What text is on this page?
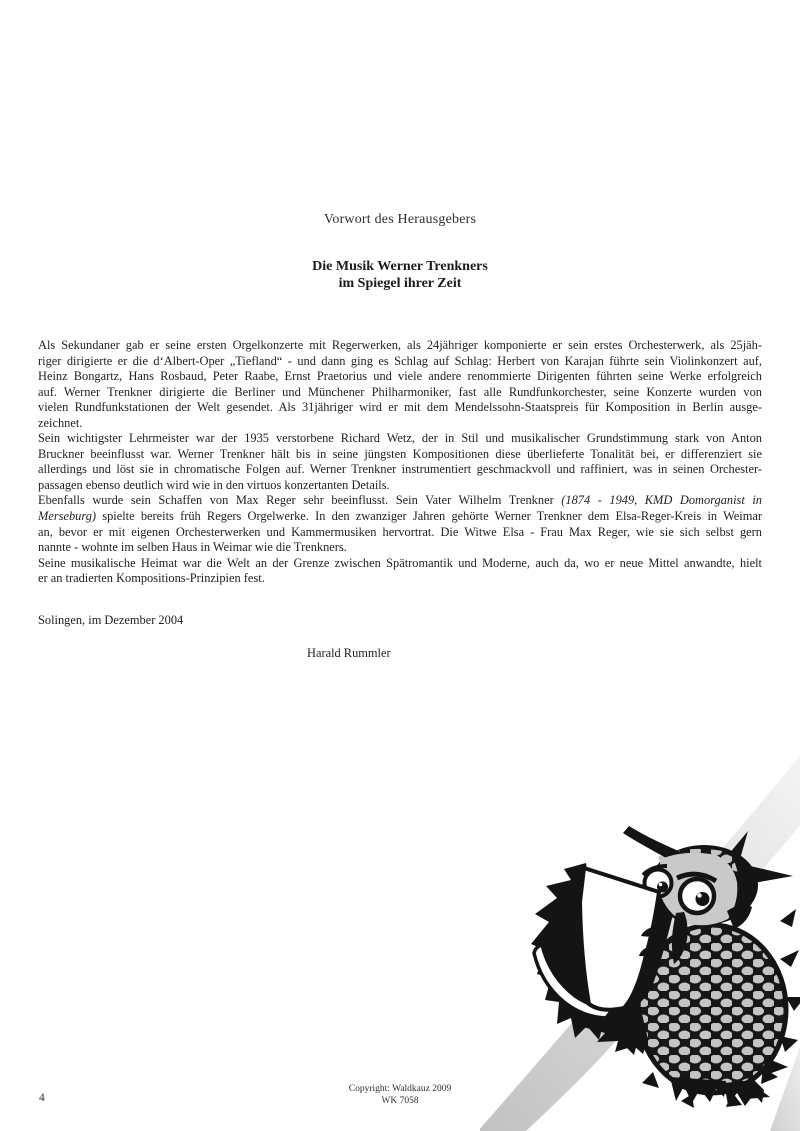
Vorwort des Herausgebers
Die Musik Werner Trenkners
im Spiegel ihrer Zeit
Als Sekundaner gab er seine ersten Orgelkonzerte mit Regerwerken, als 24jähriger komponierte er sein erstes Orchesterwerk, als 25jäh-
riger dirigierte er die d‘Albert-Oper „Tiefland“ - und dann ging es Schlag auf Schlag: Herbert von Karajan führte sein Violinkonzert auf,
Heinz Bongartz, Hans Rosbaud, Peter Raabe, Ernst Praetorius und viele andere renommierte Dirigenten führten seine Werke erfolgreich
auf. Werner Trenkner dirigierte die Berliner und Münchener Philharmoniker, fast alle Rundfunkorchester, seine Konzerte wurden von
vielen Rundfunkstationen der Welt gesendet. Als 31jähriger wird er mit dem Mendelssohn-Staatspreis für Komposition in Berlin ausge-
zeichnet.
Sein wichtigster Lehrmeister war der 1935 verstorbene Richard Wetz, der in Stil und musikalischer Grundstimmung stark von Anton
Bruckner beeinflusst war. Werner Trenkner hält bis in seine jüngsten Kompositionen diese überlieferte Tonalität bei, er differenziert sie
allerdings und löst sie in chromatische Folgen auf. Werner Trenkner instrumentiert geschmackvoll und raffiniert, was in seinen Orchester-
passagen ebenso deutlich wird wie in den virtuos konzertanten Details.
Ebenfalls wurde sein Schaffen von Max Reger sehr beeinflusst. Sein Vater Wilhelm Trenkner (1874 - 1949, KMD Domorganist in
Merseburg) spielte bereits früh Regers Orgelwerke. In den zwanziger Jahren gehörte Werner Trenkner dem Elsa-Reger-Kreis in Weimar
an, bevor er mit eigenen Orchesterwerken und Kammermusiken hervortrat. Die Witwe Elsa - Frau Max Reger, wie sie sich selbst gern
nannte - wohnte im selben Haus in Weimar wie die Trenkners.
Seine musikalische Heimat war die Welt an der Grenze zwischen Spätromantik und Moderne, auch da, wo er neue Mittel anwandte, hielt
er an tradierten Kompositions-Prinzipien fest.
Solingen, im Dezember 2004
Harald Rummler
4
Copyright: Waldkauz 2009
WK 7058
